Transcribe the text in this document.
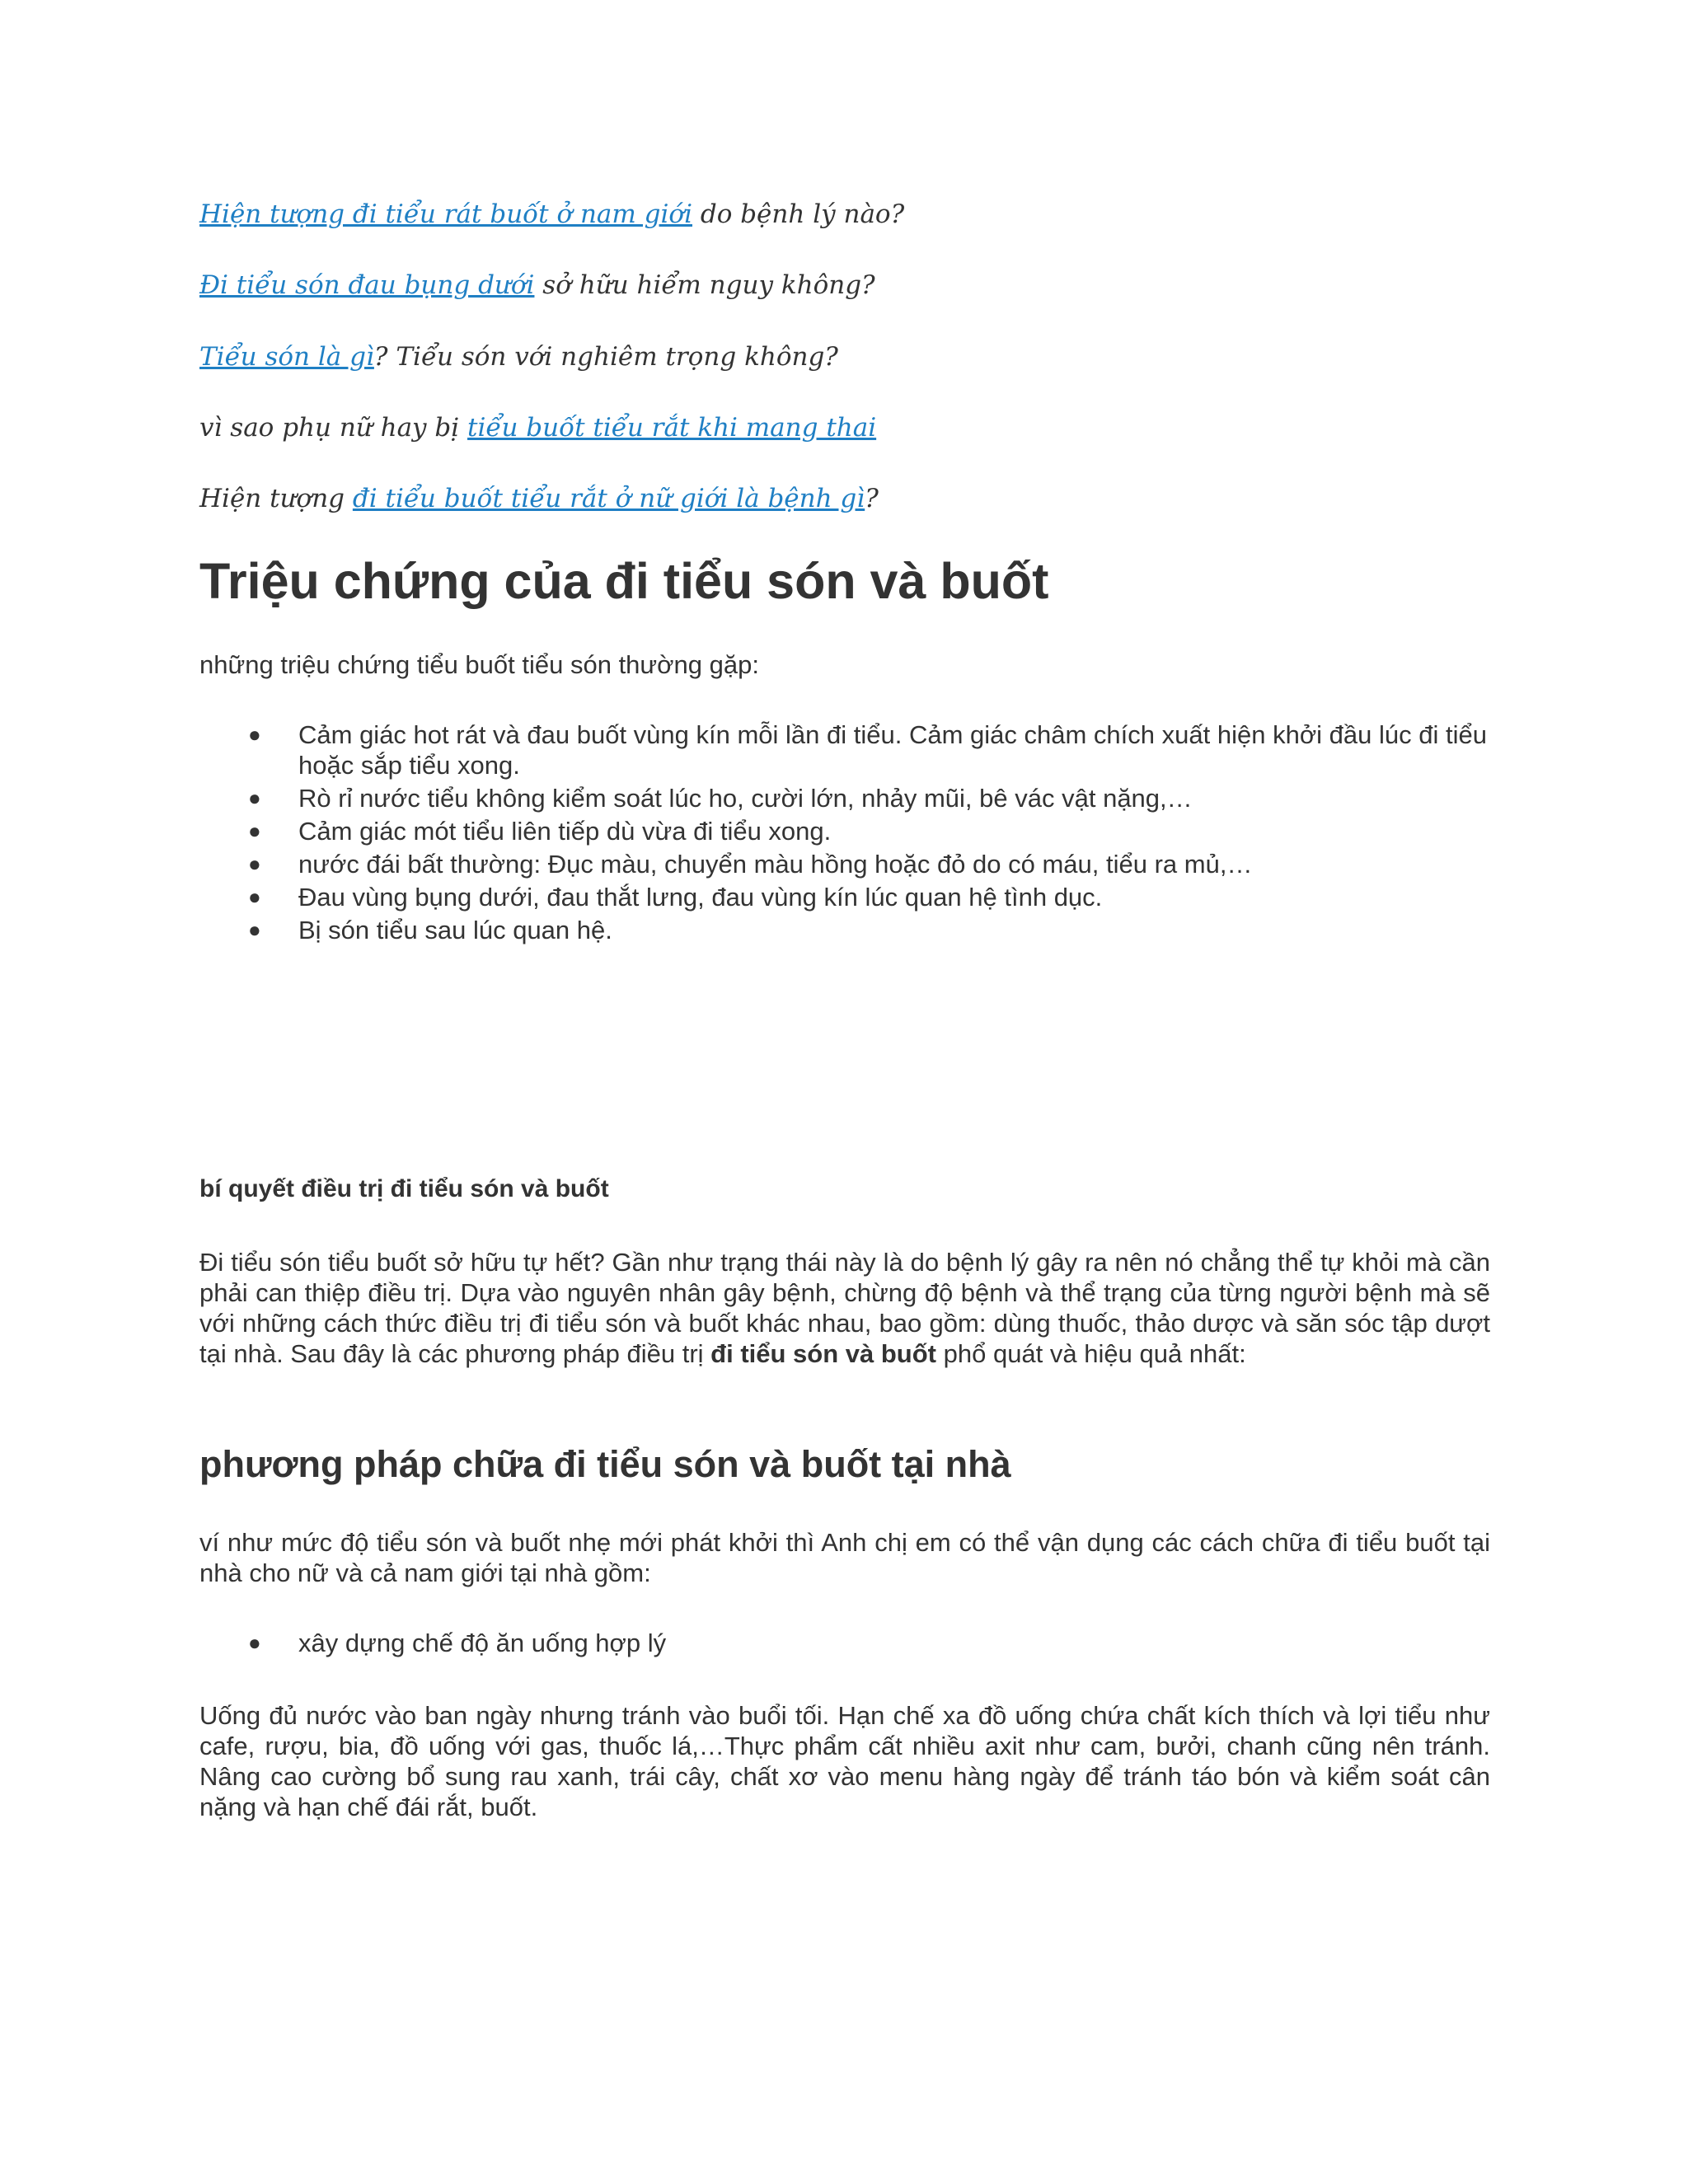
Hiện tượng đi tiểu rát buốt ở nam giới do bệnh lý nào?

Đi tiểu són đau bụng dưới sở hữu hiểm nguy không?

Tiểu són là gì? Tiểu són với nghiêm trọng không?

vì sao phụ nữ hay bị tiểu buốt tiểu rắt khi mang thai

Hiện tượng đi tiểu buốt tiểu rắt ở nữ giới là bệnh gì?

Triệu chứng của đi tiểu són và buốt

những triệu chứng tiểu buốt tiểu són thường gặp:

● Cảm giác hot rát và đau buốt vùng kín mỗi lần đi tiểu. Cảm giác châm chích xuất hiện khởi đầu lúc đi tiểu hoặc sắp tiểu xong.
● Rò rỉ nước tiểu không kiểm soát lúc ho, cười lớn, nhảy mũi, bê vác vật nặng,…
● Cảm giác mót tiểu liên tiếp dù vừa đi tiểu xong.
● nước đái bất thường: Đục màu, chuyển màu hồng hoặc đỏ do có máu, tiểu ra mủ,…
● Đau vùng bụng dưới, đau thắt lưng, đau vùng kín lúc quan hệ tình dục.
● Bị són tiểu sau lúc quan hệ.

bí quyết điều trị đi tiểu són và buốt

Đi tiểu són tiểu buốt sở hữu tự hết? Gần như trạng thái này là do bệnh lý gây ra nên nó chẳng thể tự khỏi mà cần phải can thiệp điều trị. Dựa vào nguyên nhân gây bệnh, chừng độ bệnh và thể trạng của từng người bệnh mà sẽ với những cách thức điều trị đi tiểu són và buốt khác nhau, bao gồm: dùng thuốc, thảo dược và săn sóc tập dượt tại nhà. Sau đây là các phương pháp điều trị đi tiểu són và buốt phổ quát và hiệu quả nhất:

phương pháp chữa đi tiểu són và buốt tại nhà

ví như mức độ tiểu són và buốt nhẹ mới phát khởi thì Anh chị em có thể vận dụng các cách chữa đi tiểu buốt tại nhà cho nữ và cả nam giới tại nhà gồm:

● xây dựng chế độ ăn uống hợp lý

Uống đủ nước vào ban ngày nhưng tránh vào buổi tối. Hạn chế xa đồ uống chứa chất kích thích và lợi tiểu như cafe, rượu, bia, đồ uống với gas, thuốc lá,…Thực phẩm cất nhiều axit như cam, bưởi, chanh cũng nên tránh. Nâng cao cường bổ sung rau xanh, trái cây, chất xơ vào menu hàng ngày để tránh táo bón và kiểm soát cân nặng và hạn chế đái rắt, buốt.
